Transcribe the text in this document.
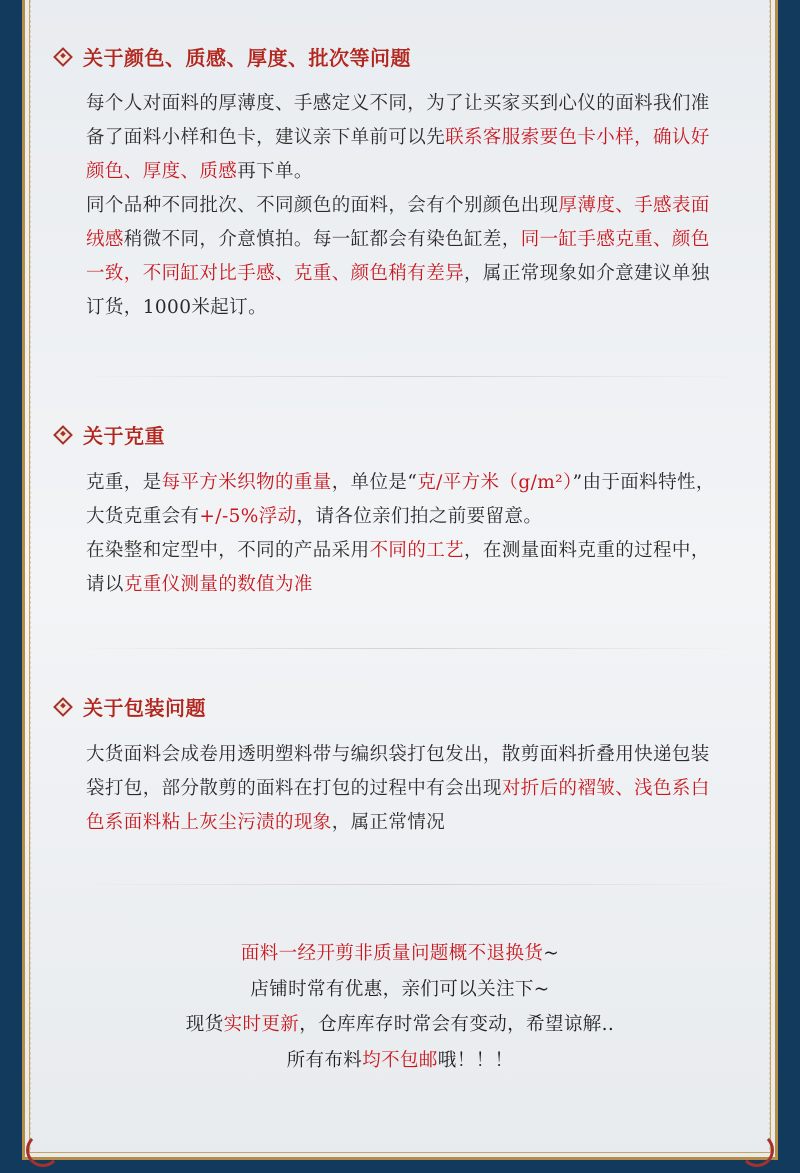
关于颜色、质感、厚度、批次等问题
每个人对面料的厚薄度、手感定义不同，为了让买家买到心仪的面料我们准备了面料小样和色卡，建议亲下单前可以先联系客服索要色卡小样，确认好颜色、厚度、质感再下单。
同个品种不同批次、不同颜色的面料，会有个别颜色出现厚薄度、手感表面绒感稍微不同，介意慎拍。每一缸都会有染色缸差，同一缸手感克重、颜色一致，不同缸对比手感、克重、颜色稍有差异，属正常现象如介意建议单独订货，1000米起订。
关于克重
克重，是每平方米织物的重量，单位是“克/平方米（g/m²）”由于面料特性，大货克重会有+/-5%浮动，请各位亲们拍之前要留意。
在染整和定型中，不同的产品采用不同的工艺，在测量面料克重的过程中，请以克重仪测量的数值为准
关于包装问题
大货面料会成卷用透明塑料带与编织袋打包发出，散剪面料折叠用快递包装袋打包，部分散剪的面料在打包的过程中有会出现对折后的褶皱、浅色系白色系面料粘上灰尘污渍的现象，属正常情况
面料一经开剪非质量问题概不退换货~
店铺时常有优惠，亲们可以关注下~
现货实时更新，仓库库存时常会有变动，希望谅解..
所有布料均不包邮哦！！！
